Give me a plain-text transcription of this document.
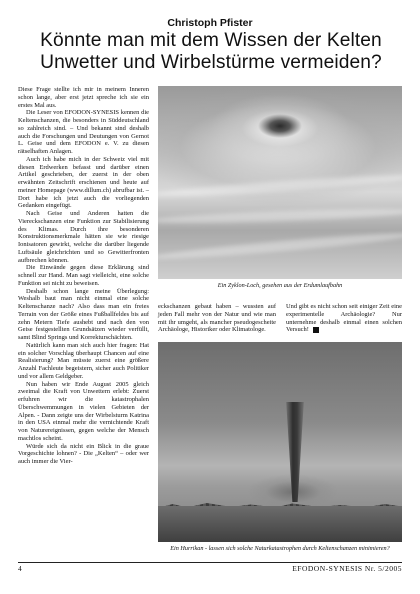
Christoph Pfister
Könnte man mit dem Wissen der Kelten
Unwetter und Wirbelstürme vermeiden?

Diese Frage stellte ich mir in meinem Inneren schon lange, aber erst jetzt spreche ich sie ein erstes Mal aus.

Die Leser von EFODON-SYNESIS kennen die Keltenschanzen, die besonders in Süddeutschland so zahlreich sind. – Und bekannt sind deshalb auch die Forschungen und Deutungen von Gernot L. Geise und dem EFODON e. V. zu diesen rätselhaften Anlagen.

Auch ich habe mich in der Schweiz viel mit diesen Erdwerken befasst und darüber einen Artikel geschrieben, der zuerst in der oben erwähnten Zeitschrift erschienen und heute auf meiner Homepage (www.dillum.ch) abrufbar ist. – Dort habe ich jetzt auch die vorliegenden Gedanken eingefügt.

Nach Geise und Anderen hatten die Viereckschanzen eine Funktion zur Stabilisierung des Klimas. Durch ihre besonderen Konstruktionsmerkmale hätten sie wie riesige Ionisatoren gewirkt, welche die darüber liegende Luftsäule gleichrichten und so Gewitterfronten aufbrechen können.

Die Einwände gegen diese Erklärung sind schnell zur Hand. Man sagt vielleicht, eine solche Funktion sei nicht zu beweisen.

Deshalb schon lange meine Überlegung: Weshalb baut man nicht einmal eine solche Keltenschanze nach? Also dass man ein freies Terrain von der Größe eines Fußballfeldes bis auf zehn Metern Tiefe aushebt und nach den von Geise festgestellten Grundsätzen wieder verfüllt, samt Blind Springs und Korrekturschächten.

Natürlich kann man sich auch hier fragen: Hat ein solcher Vorschlag überhaupt Chancen auf eine Realisierung? Man müsste zuerst eine größere Anzahl Fachleute begeistern, sicher auch Politiker und vor allem Geldgeber.

Nun haben wir Ende August 2005 gleich zweimal die Kraft von Unwettern erlebt: Zuerst erfuhren wir die katastrophalen Überschwemmungen in vielen Gebieten der Alpen. - Dann zeigte uns der Wirbelsturm Katrina in den USA einmal mehr die vernichtende Kraft von Naturereignissen, gegen welche der Mensch machtlos scheint.

Würde sich da nicht ein Blick in die graue Vorgeschichte lohnen? - Die „Kelten“ – oder wer auch immer die Vier-

Ein Zyklon-Loch, gesehen aus der Erdumlaufbahn
eckschanzen gebaut haben – wussten auf jeden Fall mehr von der Natur und wie man mit ihr umgeht, als mancher pseudogescheite Archäologe, Historiker oder Klimatologe.
Und gibt es nicht schon seit einiger Zeit eine experimentelle Archäologie? Nur unternehme deshalb einmal einen solchen Versuch!
Ein Hurrikan - lassen sich solche Naturkatastrophen durch Keltenschanzen minimieren?
4	EFODON-SYNESIS Nr. 5/2005
